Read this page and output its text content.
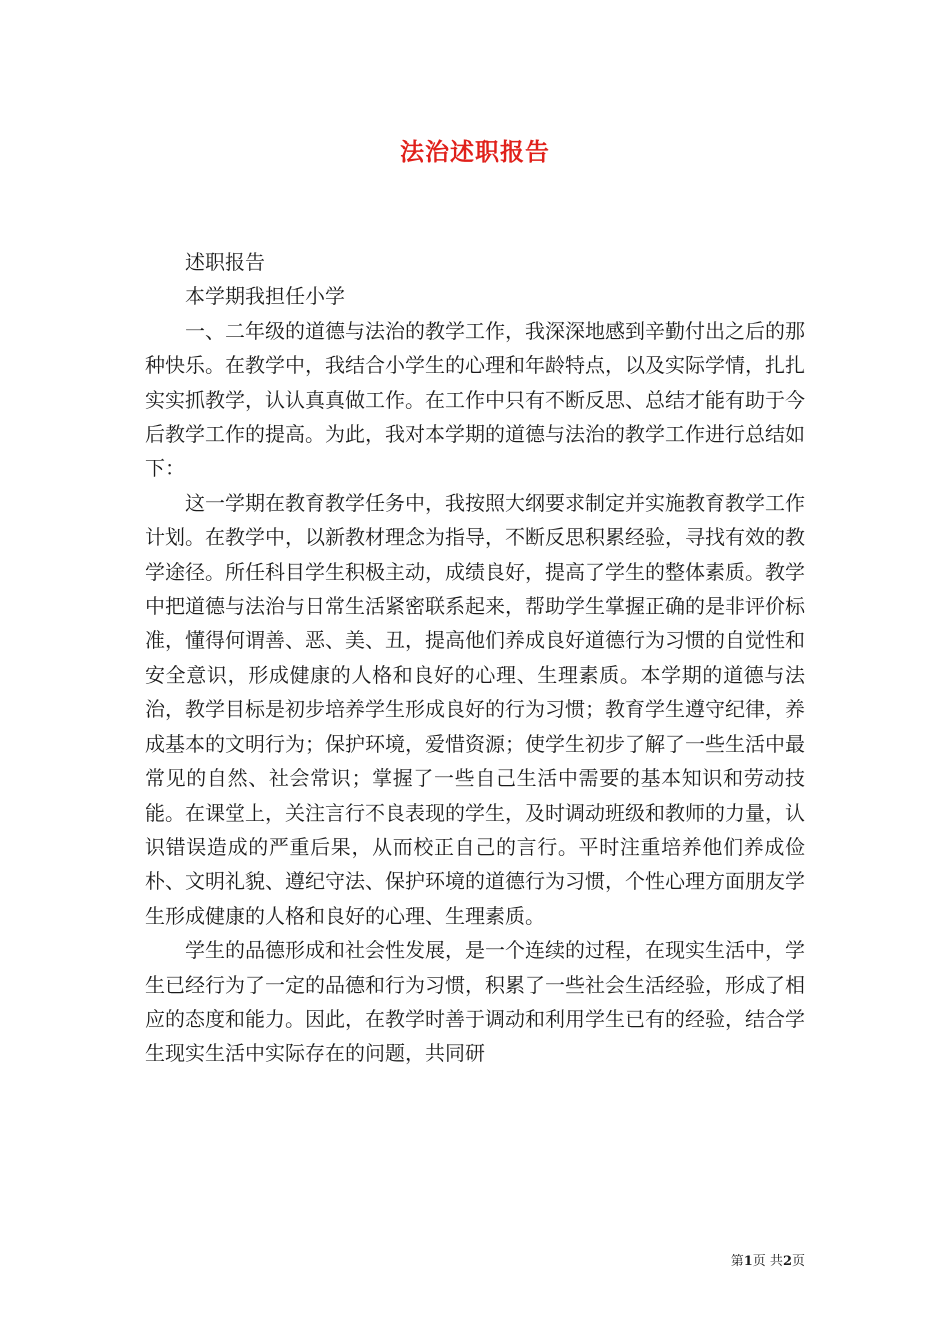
法治述职报告

述职报告

本学期我担任小学

一、二年级的道德与法治的教学工作，我深深地感到辛勤付出之后的那种快乐。在教学中，我结合小学生的心理和年龄特点，以及实际学情，扎扎实实抓教学，认认真真做工作。在工作中只有不断反思、总结才能有助于今后教学工作的提高。为此，我对本学期的道德与法治的教学工作进行总结如下：

这一学期在教育教学任务中，我按照大纲要求制定并实施教育教学工作计划。在教学中，以新教材理念为指导，不断反思积累经验，寻找有效的教学途径。所任科目学生积极主动，成绩良好，提高了学生的整体素质。教学中把道德与法治与日常生活紧密联系起来，帮助学生掌握正确的是非评价标准，懂得何谓善、恶、美、丑，提高他们养成良好道德行为习惯的自觉性和安全意识，形成健康的人格和良好的心理、生理素质。本学期的道德与法治，教学目标是初步培养学生形成良好的行为习惯；教育学生遵守纪律，养成基本的文明行为；保护环境，爱惜资源；使学生初步了解了一些生活中最常见的自然、社会常识；掌握了一些自己生活中需要的基本知识和劳动技能。在课堂上，关注言行不良表现的学生，及时调动班级和教师的力量，认识错误造成的严重后果，从而校正自己的言行。平时注重培养他们养成俭朴、文明礼貌、遵纪守法、保护环境的道德行为习惯，个性心理方面朋友学生形成健康的人格和良好的心理、生理素质。

学生的品德形成和社会性发展，是一个连续的过程，在现实生活中，学生已经行为了一定的品德和行为习惯，积累了一些社会生活经验，形成了相应的态度和能力。因此，在教学时善于调动和利用学生已有的经验，结合学生现实生活中实际存在的问题，共同研

第1页 共2页
